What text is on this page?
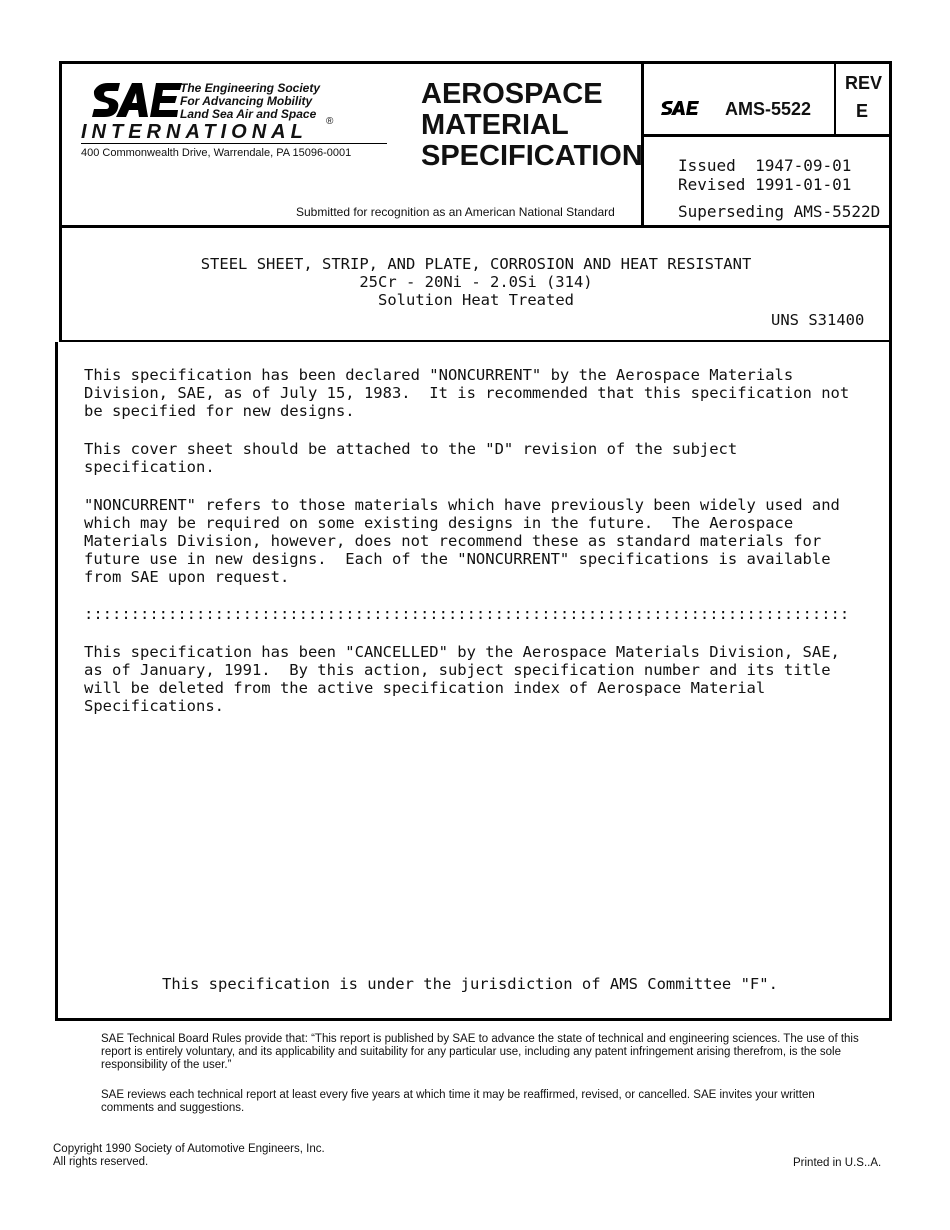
The Engineering Society
For Advancing Mobility
Land Sea Air and Space
®
INTERNATIONAL
400 Commonwealth Drive, Warrendale, PA 15096-0001
AEROSPACE
MATERIAL
SPECIFICATION
Submitted for recognition as an American National Standard
AMS-5522
REV
E
Issued  1947-09-01
Revised 1991-01-01
Superseding AMS-5522D
STEEL SHEET, STRIP, AND PLATE, CORROSION AND HEAT RESISTANT
25Cr - 20Ni - 2.0Si (314)
Solution Heat Treated
UNS S31400
This specification has been declared "NONCURRENT" by the Aerospace Materials
Division, SAE, as of July 15, 1983.  It is recommended that this specification not
be specified for new designs.
This cover sheet should be attached to the "D" revision of the subject
specification.
"NONCURRENT" refers to those materials which have previously been widely used and
which may be required on some existing designs in the future.  The Aerospace
Materials Division, however, does not recommend these as standard materials for
future use in new designs.  Each of the "NONCURRENT" specifications is available
from SAE upon request.
::::::::::::::::::::::::::::::::::::::::::::::::::::::::::::::::::::::::::::::::::
This specification has been "CANCELLED" by the Aerospace Materials Division, SAE,
as of January, 1991.  By this action, subject specification number and its title
will be deleted from the active specification index of Aerospace Material
Specifications.
This specification is under the jurisdiction of AMS Committee "F".
SAE Technical Board Rules provide that: “This report is published by SAE to advance the state of technical and engineering sciences. The use of this report is entirely voluntary, and its applicability and suitability for any particular use, including any patent infringement arising therefrom, is the sole responsibility of the user.”
SAE reviews each technical report at least every five years at which time it may be reaffirmed, revised, or cancelled. SAE invites your written comments and suggestions.
Copyright 1990 Society of Automotive Engineers, Inc.
All rights reserved.	Printed in U.S..A.
